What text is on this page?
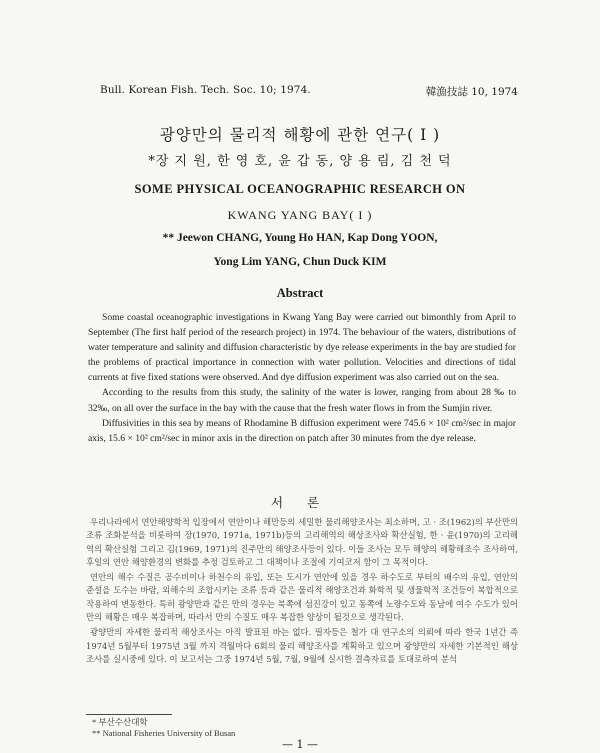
Bull. Korean Fish. Tech. Soc. 10; 1974.	韓漁技誌 10, 1974
광양만의 물리적 해황에 관한 연구( I )
*장 지 원, 한 영 호, 윤 갑 동, 양 용 림, 김 천 덕
SOME PHYSICAL OCEANOGRAPHIC RESEARCH ON
KWANG YANG BAY( I )
** Jeewon CHANG, Young Ho HAN, Kap Dong YOON,
Yong Lim YANG, Chun Duck KIM
Abstract

Some coastal oceanographic investigations in Kwang Yang Bay were carried out bimonthly from April to September (The first half period of the research project) in 1974. The behaviour of the waters, distributions of water temperature and salinity and diffusion characteristic by dye release experiments in the bay are studied for the problems of practical importance in connection with water pollution. Velocities and directions of tidal currents at five fixed stations were observed. And dye diffusion experiment was also carried out on the sea.

According to the results from this study, the salinity of the water is lower, ranging from about 28 ‰ to 32‰, on all over the surface in the bay with the cause that the fresh water flows in from the Sumjin river.

Diffusivities in this sea by means of Rhodamine B diffusion experiment were 745.6 × 10² cm²/sec in major axis, 15.6 × 10² cm²/sec in minor axis in the direction on patch after 30 minutes from the dye release.

서 론

우리나라에서 연안해양학적 입장에서 연안이나 해만등의 세밀한 물리해양조사는 최소하며, 고 · 조(1962)의 부산만의 조류 조화분석을 비롯하여 장(1970, 1971a, 1971b)등의 고리해역의 해상조사와 확산실험, 한 · 윤(1970)의 고리해역의 확산실험 그리고 김(1969, 1971)의 진주만의 해양조사등이 있다. 이들 조사는 모두 해양의 해황해조수 조사하여, 후일의 연안 해양환경의 변화를 추정 검토하고 그 대책이나 조절에 기여코저 함이 그 목적이다.

연안의 해수 수질은 공수비이나 하천수의 유입, 또는 도시가 연안에 있을 경우 하수도로 부터의 배수의 유입, 연안의 준설을 도수는 바람, 외해수의 조합시키는 조류 등과 같은 물리적 해양조건과 화학적 및 생물학적 조건등이 복합적으로 작용하여 변동한다. 특히 광양만과 같은 만의 경우는 북쪽에 섬진강이 있고 동쪽에 노량수도와 동남에 여수 수도가 있어 만의 해황은 매우 복잡하며, 따라서 만의 수질도 매우 복잡한 양상이 될것으로 생각된다.

광양만의 자세한 물리적 해상조사는 아직 발표된 바는 없다. 필자등은 철가 대 연구소의 의뢰에 따라 한국 1년간 즉 1974년 5월부터 1975년 3월 까지 격월마다 6회의 물리 해양조사를 계획하고 있으며 광양만의 자세한 기본적인 해상조사를 실시중에 있다. 이 보고서는 그중 1974년 5월, 7월, 9월에 실시한 결측자료를 토대로하여 분석

* 부산수산대학
** National Fisheries University of Busan
— 1 —
